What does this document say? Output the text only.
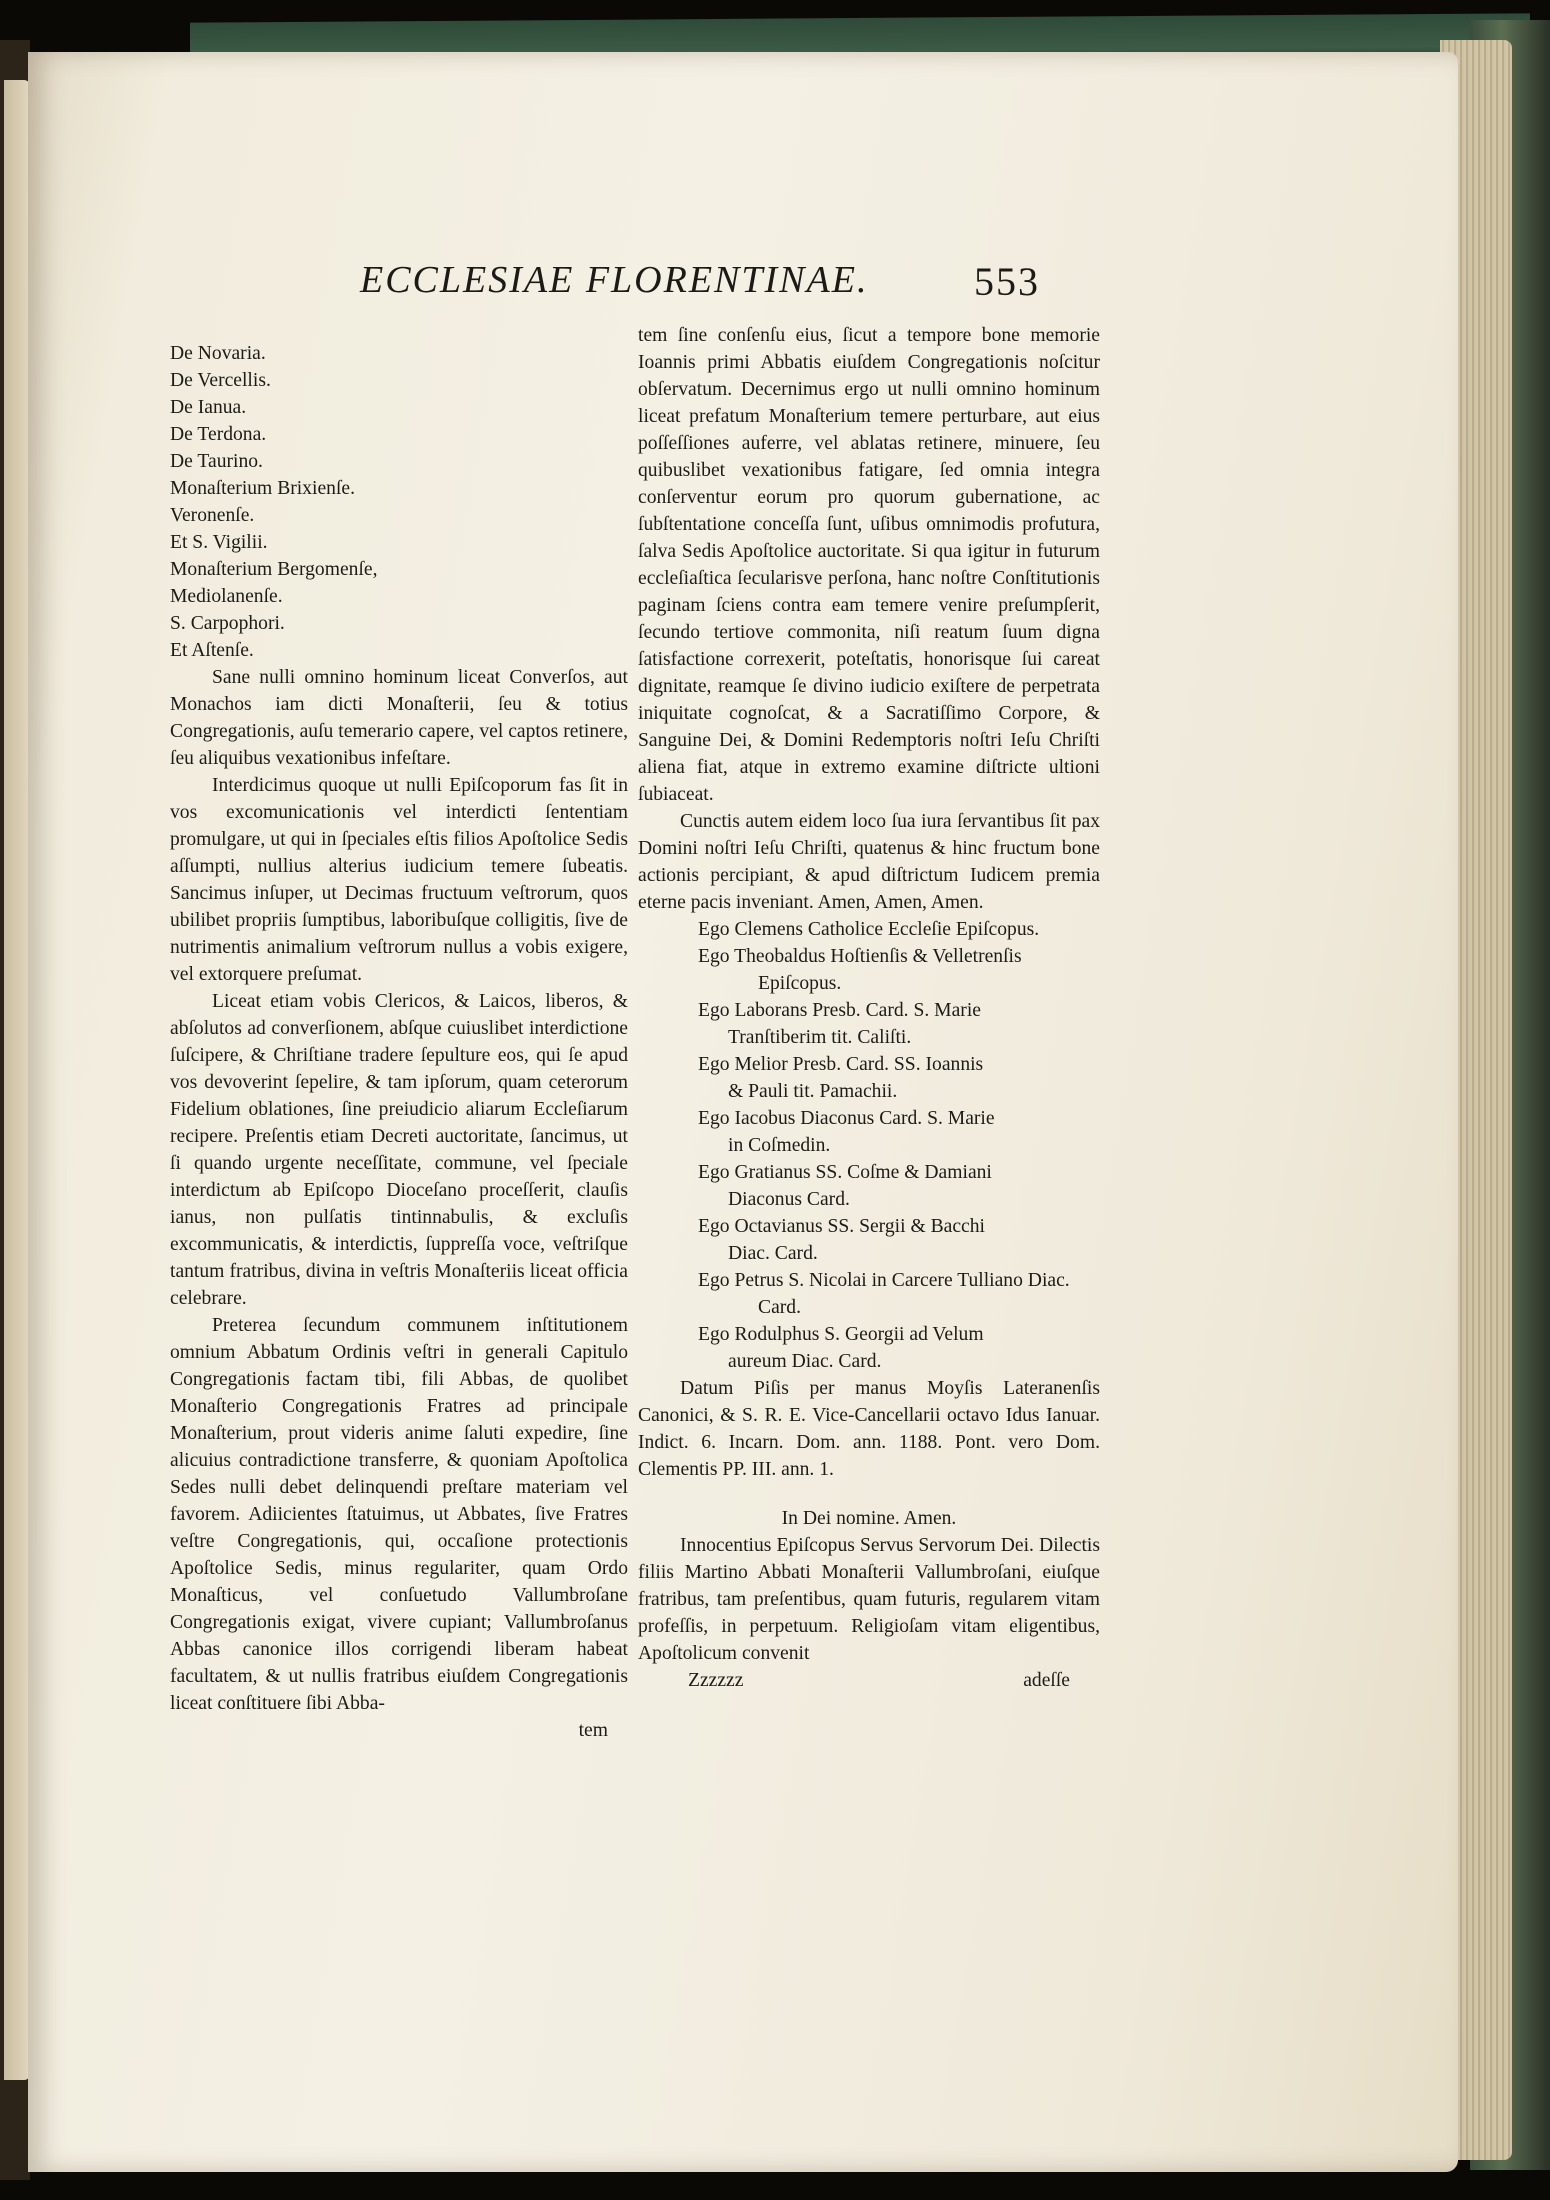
ECCLESIAE FLORENTINAE.	553
De Novaria.
De Vercellis.
De Ianua.
De Terdona.
De Taurino.
Monaſterium Brixienſe.
Veronenſe.
Et S. Vigilii.
Monaſterium Bergomenſe,
Mediolanenſe.
S. Carpophori.
Et Aſtenſe.

Sane nulli omnino hominum liceat Converſos, aut Monachos iam dicti Monaſterii, ſeu & totius Congregationis, auſu temerario capere, vel captos retinere, ſeu aliquibus vexationibus infeſtare.

Interdicimus quoque ut nulli Epiſcoporum fas ſit in vos excomunicationis vel interdicti ſententiam promulgare, ut qui in ſpeciales eſtis filios Apoſtolice Sedis aſſumpti, nullius alterius iudicium temere ſubeatis. Sancimus inſuper, ut Decimas fructuum veſtrorum, quos ubilibet propriis ſumptibus, laboribuſque colligitis, ſive de nutrimentis animalium veſtrorum nullus a vobis exigere, vel extorquere preſumat.

Liceat etiam vobis Clericos, & Laicos, liberos, & abſolutos ad converſionem, abſque cuiuslibet interdictione ſuſcipere, & Chriſtiane tradere ſepulture eos, qui ſe apud vos devoverint ſepelire, & tam ipſorum, quam ceterorum Fidelium oblationes, ſine preiudicio aliarum Eccleſiarum recipere. Preſentis etiam Decreti auctoritate, ſancimus, ut ſi quando urgente neceſſitate, commune, vel ſpeciale interdictum ab Epiſcopo Dioceſano proceſſerit, clauſis ianus, non pulſatis tintinnabulis, & excluſis excommunicatis, & interdictis, ſuppreſſa voce, veſtriſque tantum fratribus, divina in veſtris Monaſteriis liceat officia celebrare.

Preterea ſecundum communem inſtitutionem omnium Abbatum Ordinis veſtri in generali Capitulo Congregationis factam tibi, fili Abbas, de quolibet Monaſterio Congregationis Fratres ad principale Monaſterium, prout videris anime ſaluti expedire, ſine alicuius contradictione transferre, & quoniam Apoſtolica Sedes nulli debet delinquendi preſtare materiam vel favorem. Adiicientes ſtatuimus, ut Abbates, ſive Fratres veſtre Congregationis, qui, occaſione protectionis Apoſtolice Sedis, minus regulariter, quam Ordo Monaſticus, vel conſuetudo Vallumbroſane Congregationis exigat, vivere cupiant; Vallumbroſanus Abbas canonice illos corrigendi liberam habeat facultatem, & ut nullis fratribus eiuſdem Congregationis liceat conſtituere ſibi Abba-

tem

tem ſine conſenſu eius, ſicut a tempore bone memorie Ioannis primi Abbatis eiuſdem Congregationis noſcitur obſervatum. Decernimus ergo ut nulli omnino hominum liceat prefatum Monaſterium temere perturbare, aut eius poſſeſſiones auferre, vel ablatas retinere, minuere, ſeu quibuslibet vexationibus fatigare, ſed omnia integra conſerventur eorum pro quorum gubernatione, ac ſubſtentatione conceſſa ſunt, uſibus omnimodis profutura, ſalva Sedis Apoſtolice auctoritate. Si qua igitur in futurum eccleſiaſtica ſecularisve perſona, hanc noſtre Conſtitutionis paginam ſciens contra eam temere venire preſumpſerit, ſecundo tertiove commonita, niſi reatum ſuum digna ſatisfactione correxerit, poteſtatis, honorisque ſui careat dignitate, reamque ſe divino iudicio exiſtere de perpetrata iniquitate cognoſcat, & a Sacratiſſimo Corpore, & Sanguine Dei, & Domini Redemptoris noſtri Ieſu Chriſti aliena fiat, atque in extremo examine diſtricte ultioni ſubiaceat.

Cunctis autem eidem loco ſua iura ſervantibus ſit pax Domini noſtri Ieſu Chriſti, quatenus & hinc fructum bone actionis percipiant, & apud diſtrictum Iudicem premia eterne pacis inveniant. Amen, Amen, Amen.

Ego Clemens Catholice Eccleſie Epiſcopus.
Ego Theobaldus Hoſtienſis & Velletrenſis Epiſcopus.
Ego Laborans Presb. Card. S. Marie
Tranſtiberim tit. Caliſti.
Ego Melior Presb. Card. SS. Ioannis
& Pauli tit. Pamachii.
Ego Iacobus Diaconus Card. S. Marie
in Coſmedin.
Ego Gratianus SS. Coſme & Damiani
Diaconus Card.
Ego Octavianus SS. Sergii & Bacchi
Diac. Card.
Ego Petrus S. Nicolai in Carcere Tulliano Diac. Card.
Ego Rodulphus S. Georgii ad Velum
aureum Diac. Card.

Datum Piſis per manus Moyſis Lateranenſis Canonici, & S. R. E. Vice-Cancellarii octavo Idus Ianuar. Indict. 6. Incarn. Dom. ann. 1188. Pont. vero Dom. Clementis PP. III. ann. 1.

In Dei nomine. Amen.

Innocentius Epiſcopus Servus Servorum Dei. Dilectis filiis Martino Abbati Monaſterii Vallumbroſani, eiuſque fratribus, tam preſentibus, quam futuris, regularem vitam profeſſis, in perpetuum. Religioſam vitam eligentibus, Apoſtolicum convenit

Zzzzzz	adeſſe
